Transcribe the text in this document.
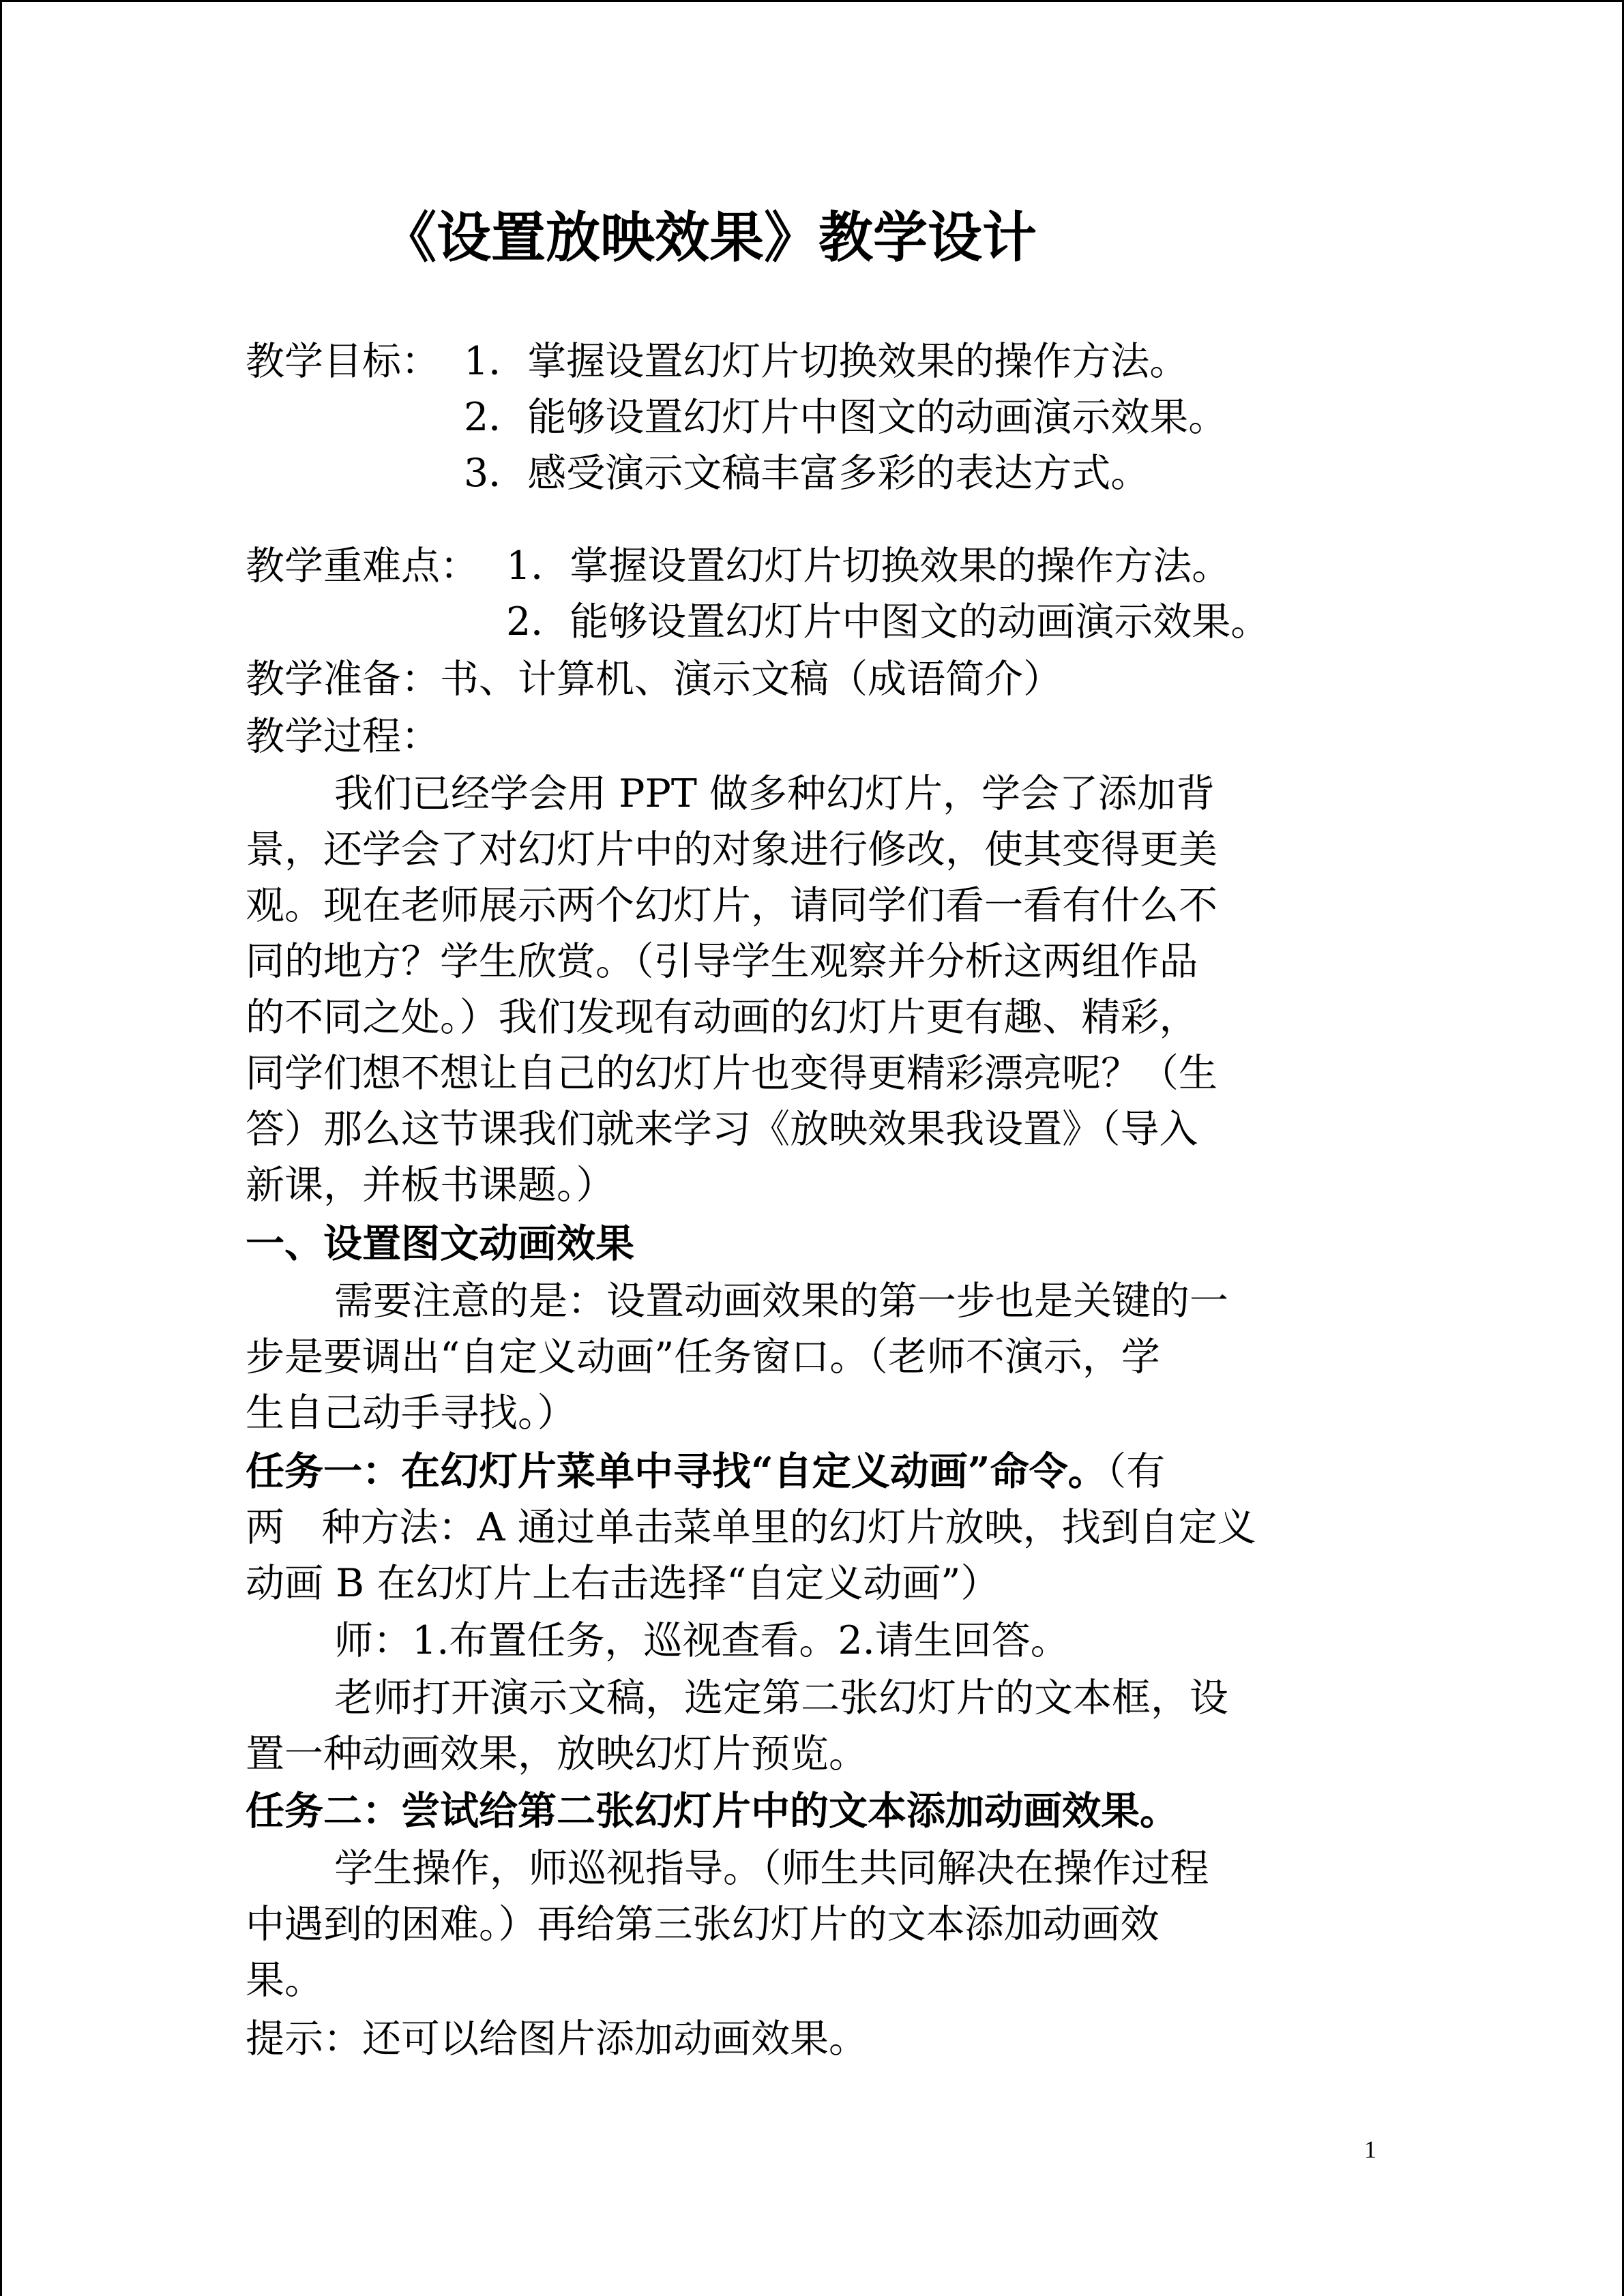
《设置放映效果》教学设计
教学目标： 1．掌握设置幻灯片切换效果的操作方法。
2．能够设置幻灯片中图文的动画演示效果。
3．感受演示文稿丰富多彩的表达方式。
教学重难点： 1．掌握设置幻灯片切换效果的操作方法。
2．能够设置幻灯片中图文的动画演示效果。
教学准备：书、计算机、演示文稿（成语简介）
教学过程：
我们已经学会用 PPT 做多种幻灯片，学会了添加背
景，还学会了对幻灯片中的对象进行修改，使其变得更美
观。现在老师展示两个幻灯片，请同学们看一看有什么不
同的地方？学生欣赏。（引导学生观察并分析这两组作品
的不同之处。）我们发现有动画的幻灯片更有趣、精彩，
同学们想不想让自己的幻灯片也变得更精彩漂亮呢？（生
答）那么这节课我们就来学习《放映效果我设置》（导入
新课，并板书课题。）
一、设置图文动画效果
需要注意的是：设置动画效果的第一步也是关键的一
步是要调出“自定义动画”任务窗口。（老师不演示，学
生自己动手寻找。）
任务一：在幻灯片菜单中寻找“自定义动画”命令。（有
两   种方法：A 通过单击菜单里的幻灯片放映，找到自定义
动画 B 在幻灯片上右击选择“自定义动画”）
师：1.布置任务，巡视查看。2.请生回答。
老师打开演示文稿，选定第二张幻灯片的文本框，设
置一种动画效果，放映幻灯片预览。
任务二：尝试给第二张幻灯片中的文本添加动画效果。
学生操作，师巡视指导。（师生共同解决在操作过程
中遇到的困难。）再给第三张幻灯片的文本添加动画效
果。
提示：还可以给图片添加动画效果。
1
